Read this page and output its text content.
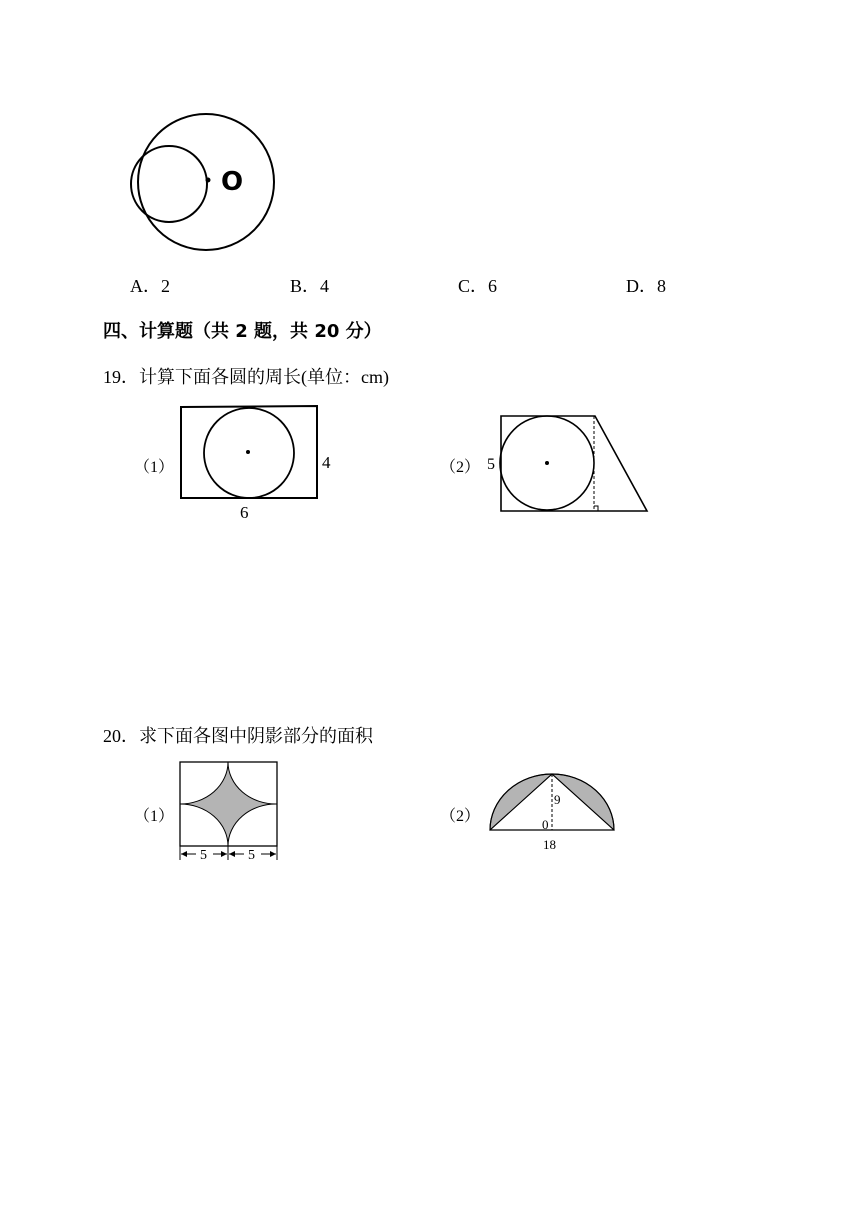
O
A．2	B．4	C．6	D．8
四、计算题（共 2 题，共 20 分）
19．计算下面各圆的周长(单位：cm)
（1）	4
6
（2） 5
20．求下面各图中阴影部分的面积
（1）
5	5
（2）
9
0
18
